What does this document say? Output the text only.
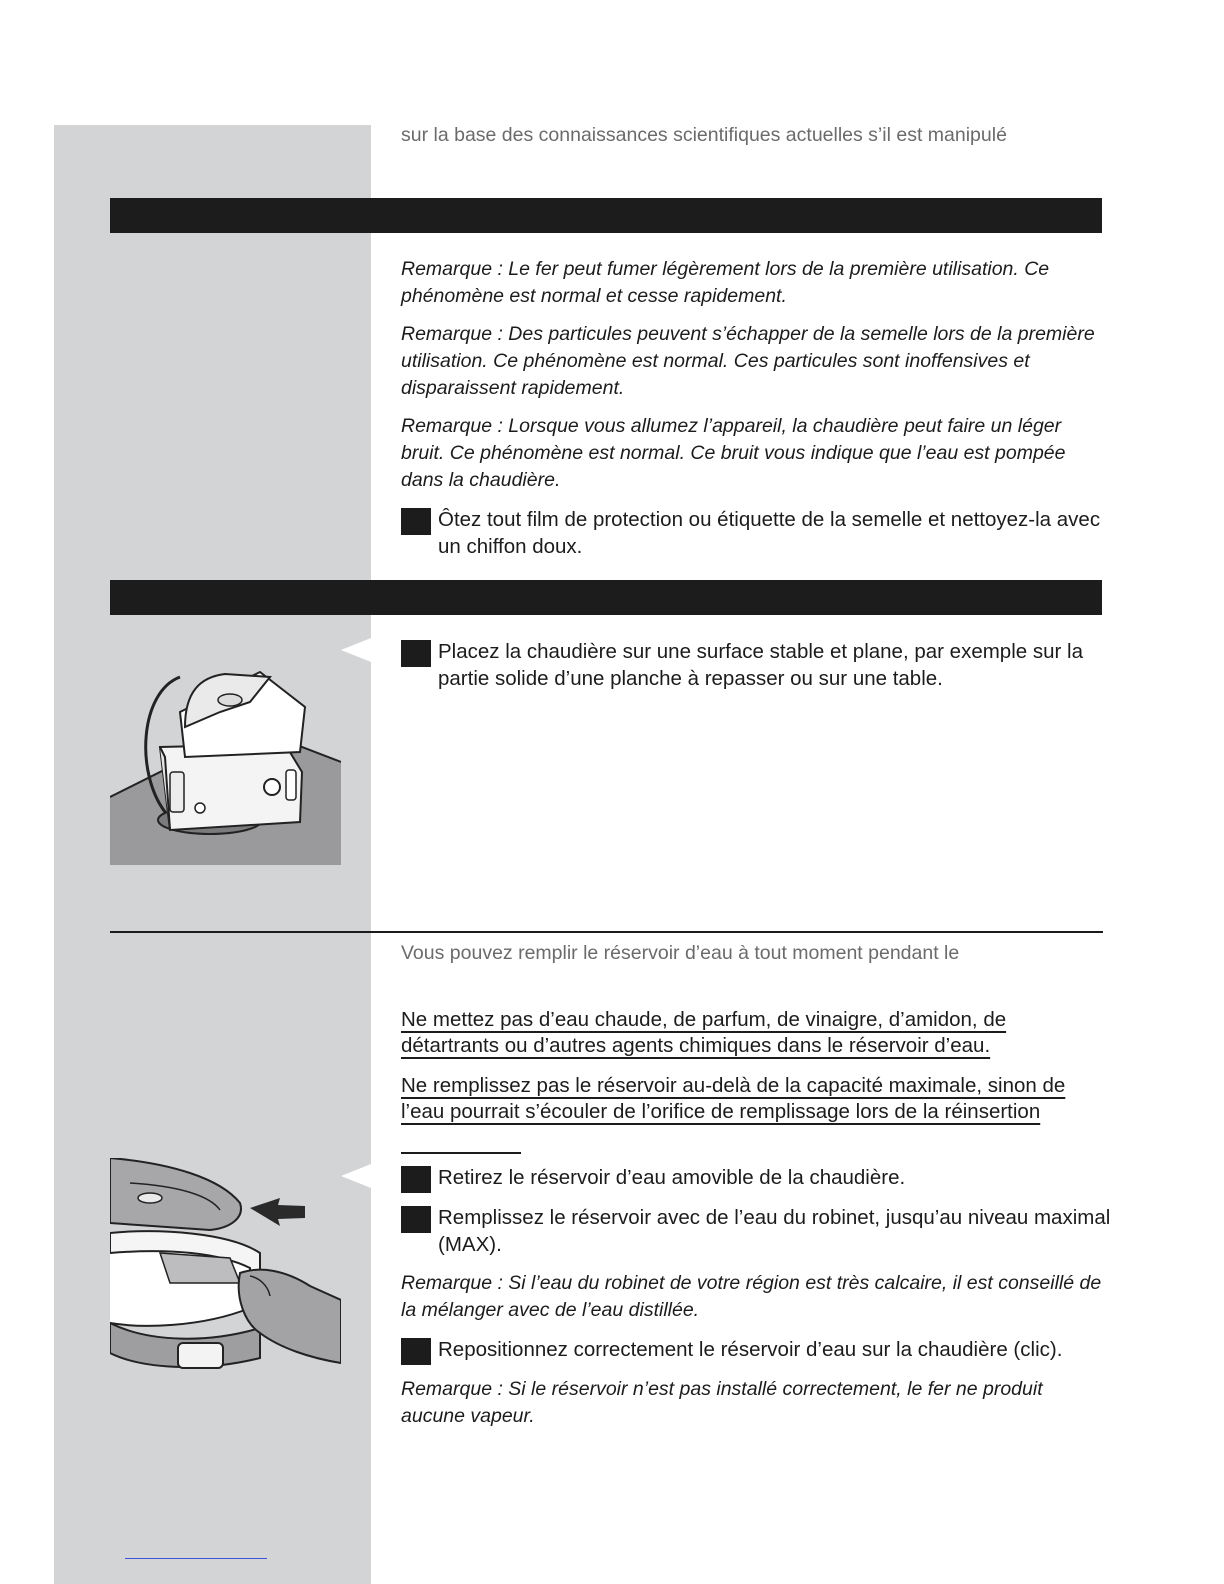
sur la base des connaissances scientifiques actuelles s’il est manipulé

Remarque : Le fer peut fumer légèrement lors de la première utilisation. Ce phénomène est normal et cesse rapidement.

Remarque : Des particules peuvent s’échapper de la semelle lors de la première utilisation. Ce phénomène est normal. Ces particules sont inoffensives et disparaissent rapidement.

Remarque : Lorsque vous allumez l’appareil, la chaudière peut faire un léger bruit. Ce phénomène est normal. Ce bruit vous indique que l’eau est pompée dans la chaudière.

Ôtez tout film de protection ou étiquette de la semelle et nettoyez-la avec un chiffon doux.
Placez la chaudière sur une surface stable et plane, par exemple sur la partie solide d’une planche à repasser ou sur une table.

Vous pouvez remplir le réservoir d’eau à tout moment pendant le

Ne mettez pas d’eau chaude, de parfum, de vinaigre, d’amidon, de détartrants ou d’autres agents chimiques dans le réservoir d’eau.

Ne remplissez pas le réservoir au-delà de la capacité maximale, sinon de l’eau pourrait s’écouler de l’orifice de remplissage lors de la réinsertion

Retirez le réservoir d’eau amovible de la chaudière.
Remplissez le réservoir avec de l’eau du robinet, jusqu’au niveau maximal (MAX).

Remarque : Si l’eau du robinet de votre région est très calcaire, il est conseillé de la mélanger avec de l’eau distillée.

Repositionnez correctement le réservoir d’eau sur la chaudière (clic).

Remarque : Si le réservoir n’est pas installé correctement, le fer ne produit aucune vapeur.
